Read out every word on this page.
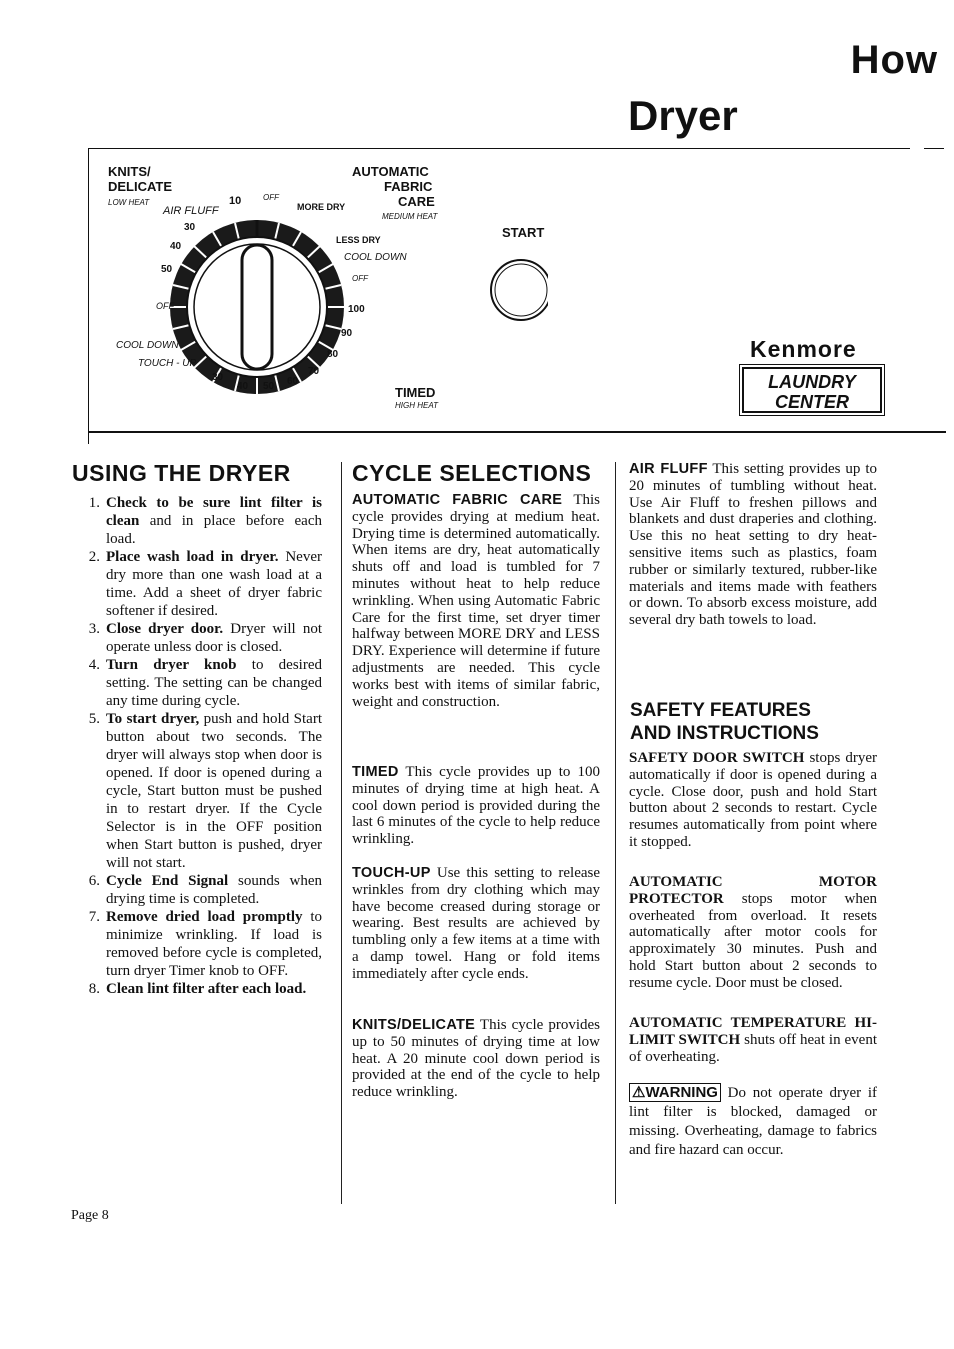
How
Dryer
KNITS/
DELICATE
LOW HEAT
AIR FLUFF
10	OFF
MORE DRY
AUTOMATIC
FABRIC
CARE
MEDIUM HEAT
30
40
50
OFF
COOL DOWN
TOUCH - UP
LESS DRY
COOL DOWN
OFF
100
90
80
70
60
50
40
30
TIMED
HIGH HEAT
START
Kenmore
LAUNDRY
CENTER
USING THE DRYER
1. Check to be sure lint filter is clean and in place before each load.
2. Place wash load in dryer. Never dry more than one wash load at a time. Add a sheet of dryer fabric softener if desired.
3. Close dryer door. Dryer will not operate unless door is closed.
4. Turn dryer knob to desired setting. The setting can be changed any time during cycle.
5. To start dryer, push and hold Start button about two seconds. The dryer will always stop when door is opened. If door is opened during a cycle, Start button must be pushed in to restart dryer. If the Cycle Selector is in the OFF position when Start button is pushed, dryer will not start.
6. Cycle End Signal sounds when drying time is completed.
7. Remove dried load promptly to minimize wrinkling. If load is removed before cycle is completed, turn dryer Timer knob to OFF.
8. Clean lint filter after each load.
CYCLE SELECTIONS
AUTOMATIC FABRIC CARE This cycle provides drying at medium heat. Drying time is determined automatically. When items are dry, heat automatically shuts off and load is tumbled for 7 minutes without heat to help reduce wrinkling. When using Automatic Fabric Care for the first time, set dryer timer halfway between MORE DRY and LESS DRY. Experience will determine if future adjustments are needed. This cycle works best with items of similar fabric, weight and construction.
TIMED This cycle provides up to 100 minutes of drying time at high heat. A cool down period is provided during the last 6 minutes of the cycle to help reduce wrinkling.
TOUCH-UP Use this setting to release wrinkles from dry clothing which may have become creased during storage or wearing. Best results are achieved by tumbling only a few items at a time with a damp towel. Hang or fold items immediately after cycle ends.
KNITS/DELICATE This cycle provides up to 50 minutes of drying time at low heat. A 20 minute cool down period is provided at the end of the cycle to help reduce wrinkling.
AIR FLUFF This setting provides up to 20 minutes of tumbling without heat. Use Air Fluff to freshen pillows and blankets and dust draperies and clothing. Use this no heat setting to dry heat-sensitive items such as plastics, foam rubber or similarly textured, rubber-like materials and items made with feathers or down. To absorb excess moisture, add several dry bath towels to load.
SAFETY FEATURES
AND INSTRUCTIONS
SAFETY DOOR SWITCH stops dryer automatically if door is opened during a cycle. Close door, push and hold Start button about 2 seconds to restart. Cycle resumes automatically from point where it stopped.
AUTOMATIC MOTOR PROTECTOR stops motor when overheated from overload. It resets automatically after motor cools for approximately 30 minutes. Push and hold Start button about 2 seconds to resume cycle. Door must be closed.
AUTOMATIC TEMPERATURE HI-LIMIT SWITCH shuts off heat in event of overheating.
⚠WARNING Do not operate dryer if lint filter is blocked, damaged or missing. Overheating, damage to fabrics and fire hazard can occur.
Page 8
